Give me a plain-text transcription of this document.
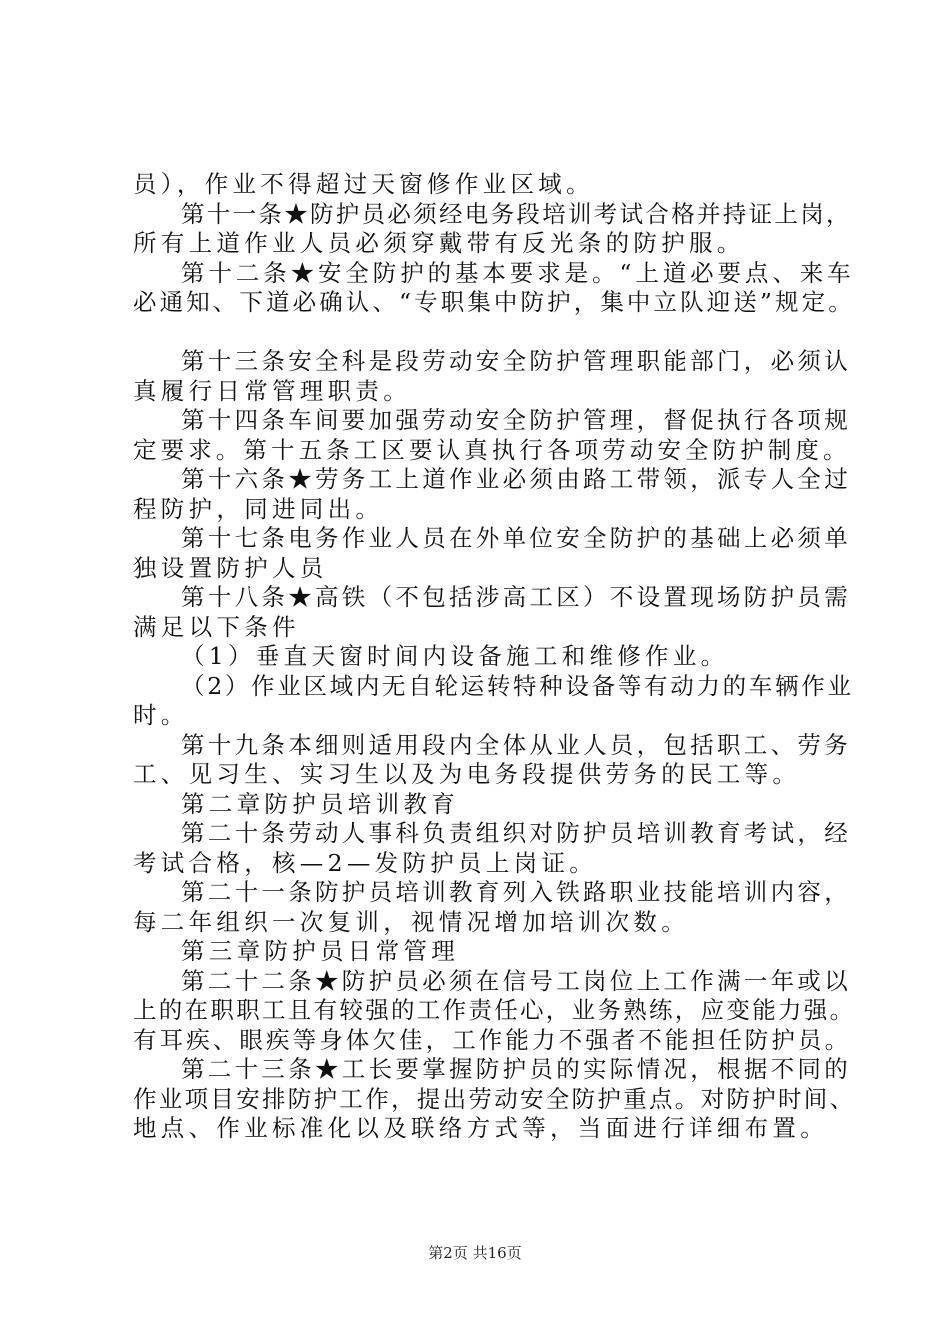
员），作业不得超过天窗修作业区域。
第十一条★防护员必须经电务段培训考试合格并持证上岗，
所有上道作业人员必须穿戴带有反光条的防护服。
第十二条★安全防护的基本要求是。“上道必要点、来车
必通知、下道必确认、“专职集中防护，集中立队迎送”规定。
第十三条安全科是段劳动安全防护管理职能部门，必须认
真履行日常管理职责。
第十四条车间要加强劳动安全防护管理，督促执行各项规
定要求。第十五条工区要认真执行各项劳动安全防护制度。
第十六条★劳务工上道作业必须由路工带领，派专人全过
程防护，同进同出。
第十七条电务作业人员在外单位安全防护的基础上必须单
独设置防护人员
第十八条★高铁（不包括涉高工区）不设置现场防护员需
满足以下条件
（1）垂直天窗时间内设备施工和维修作业。
（2）作业区域内无自轮运转特种设备等有动力的车辆作业
时。
第十九条本细则适用段内全体从业人员，包括职工、劳务
工、见习生、实习生以及为电务段提供劳务的民工等。
第二章防护员培训教育
第二十条劳动人事科负责组织对防护员培训教育考试，经
考试合格，核—2—发防护员上岗证。
第二十一条防护员培训教育列入铁路职业技能培训内容，
每二年组织一次复训，视情况增加培训次数。
第三章防护员日常管理
第二十二条★防护员必须在信号工岗位上工作满一年或以
上的在职职工且有较强的工作责任心，业务熟练，应变能力强。
有耳疾、眼疾等身体欠佳，工作能力不强者不能担任防护员。
第二十三条★工长要掌握防护员的实际情况，根据不同的
作业项目安排防护工作，提出劳动安全防护重点。对防护时间、
地点、作业标准化以及联络方式等，当面进行详细布置。
第2页 共16页
